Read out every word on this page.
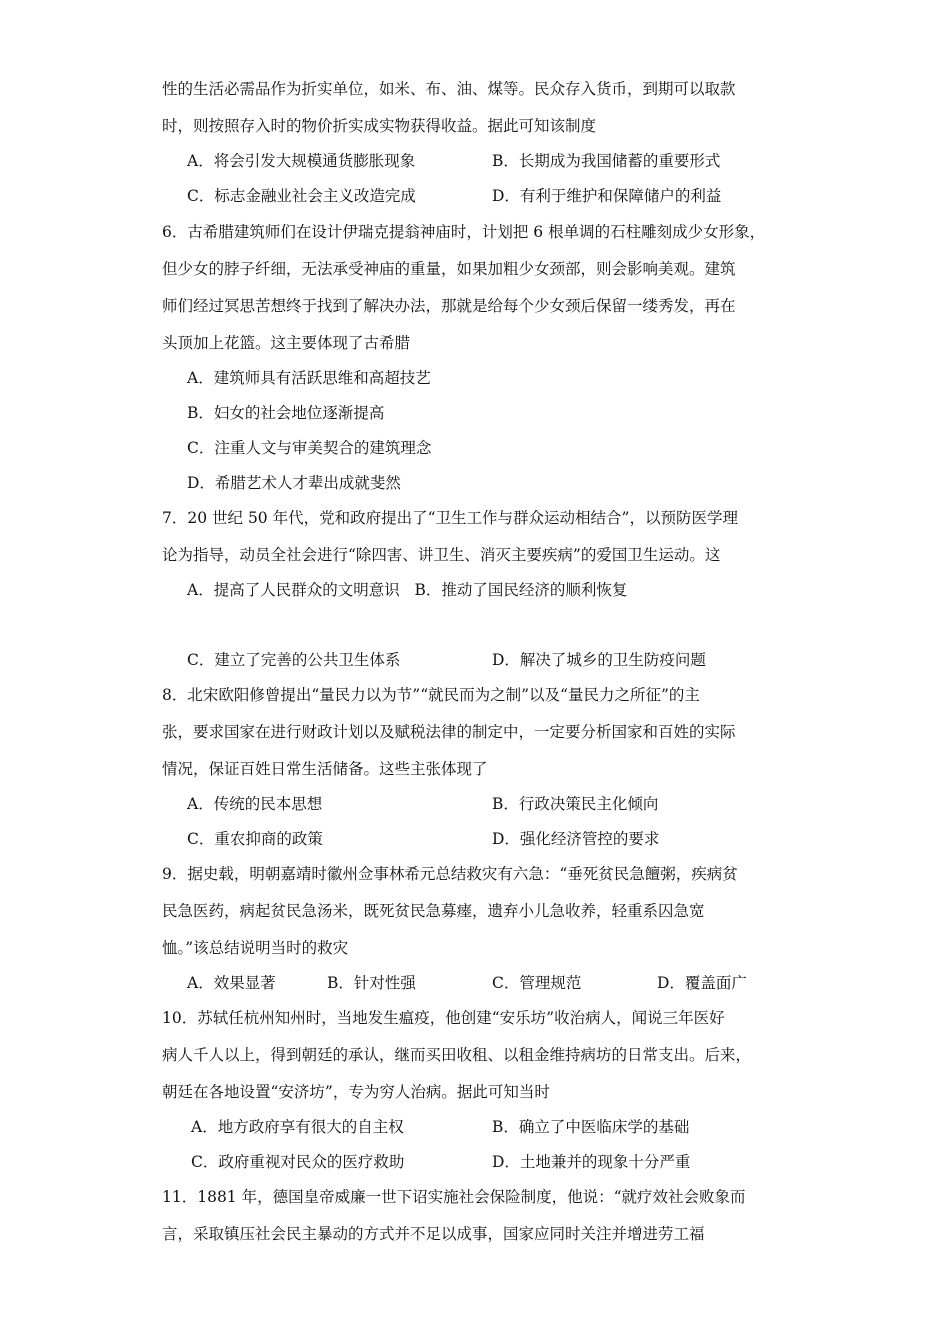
性的生活必需品作为折实单位，如米、布、油、煤等。民众存入货币，到期可以取款
时，则按照存入时的物价折实成实物获得收益。据此可知该制度
A．将会引发大规模通货膨胀现象	B．长期成为我国储蓄的重要形式
C．标志金融业社会主义改造完成	D．有利于维护和保障储户的利益
6．古希腊建筑师们在设计伊瑞克提翁神庙时，计划把 6 根单调的石柱雕刻成少女形象，
但少女的脖子纤细，无法承受神庙的重量，如果加粗少女颈部，则会影响美观。建筑
师们经过冥思苦想终于找到了解决办法，那就是给每个少女颈后保留一缕秀发，再在
头顶加上花篮。这主要体现了古希腊
A．建筑师具有活跃思维和高超技艺
B．妇女的社会地位逐渐提高
C．注重人文与审美契合的建筑理念
D．希腊艺术人才辈出成就斐然
7．20 世纪 50 年代，党和政府提出了“卫生工作与群众运动相结合”，以预防医学理
论为指导，动员全社会进行“除四害、讲卫生、消灭主要疾病”的爱国卫生运动。这
A．提高了人民群众的文明意识   B．推动了国民经济的顺利恢复
C．建立了完善的公共卫生体系	D．解决了城乡的卫生防疫问题
8．北宋欧阳修曾提出“量民力以为节”“就民而为之制”以及“量民力之所征”的主
张，要求国家在进行财政计划以及赋税法律的制定中，一定要分析国家和百姓的实际
情况，保证百姓日常生活储备。这些主张体现了
A．传统的民本思想	B．行政决策民主化倾向
C．重农抑商的政策	D．强化经济管控的要求
9．据史载，明朝嘉靖时徽州佥事林希元总结救灾有六急：“垂死贫民急饘粥，疾病贫
民急医药，病起贫民急汤米，既死贫民急募瘗，遗弃小儿急收养，轻重系囚急宽
恤。”该总结说明当时的救灾
A．效果显著	B．针对性强	C．管理规范	D．覆盖面广
10．苏轼任杭州知州时，当地发生瘟疫，他创建“安乐坊”收治病人，闻说三年医好
病人千人以上，得到朝廷的承认，继而买田收租、以租金维持病坊的日常支出。后来，
朝廷在各地设置“安济坊”，专为穷人治病。据此可知当时
A．地方政府享有很大的自主权	B．确立了中医临床学的基础
C．政府重视对民众的医疗救助	D．土地兼并的现象十分严重
11．1881 年，德国皇帝威廉一世下诏实施社会保险制度，他说：“就疗效社会败象而
言，采取镇压社会民主暴动的方式并不足以成事，国家应同时关注并增进劳工福
